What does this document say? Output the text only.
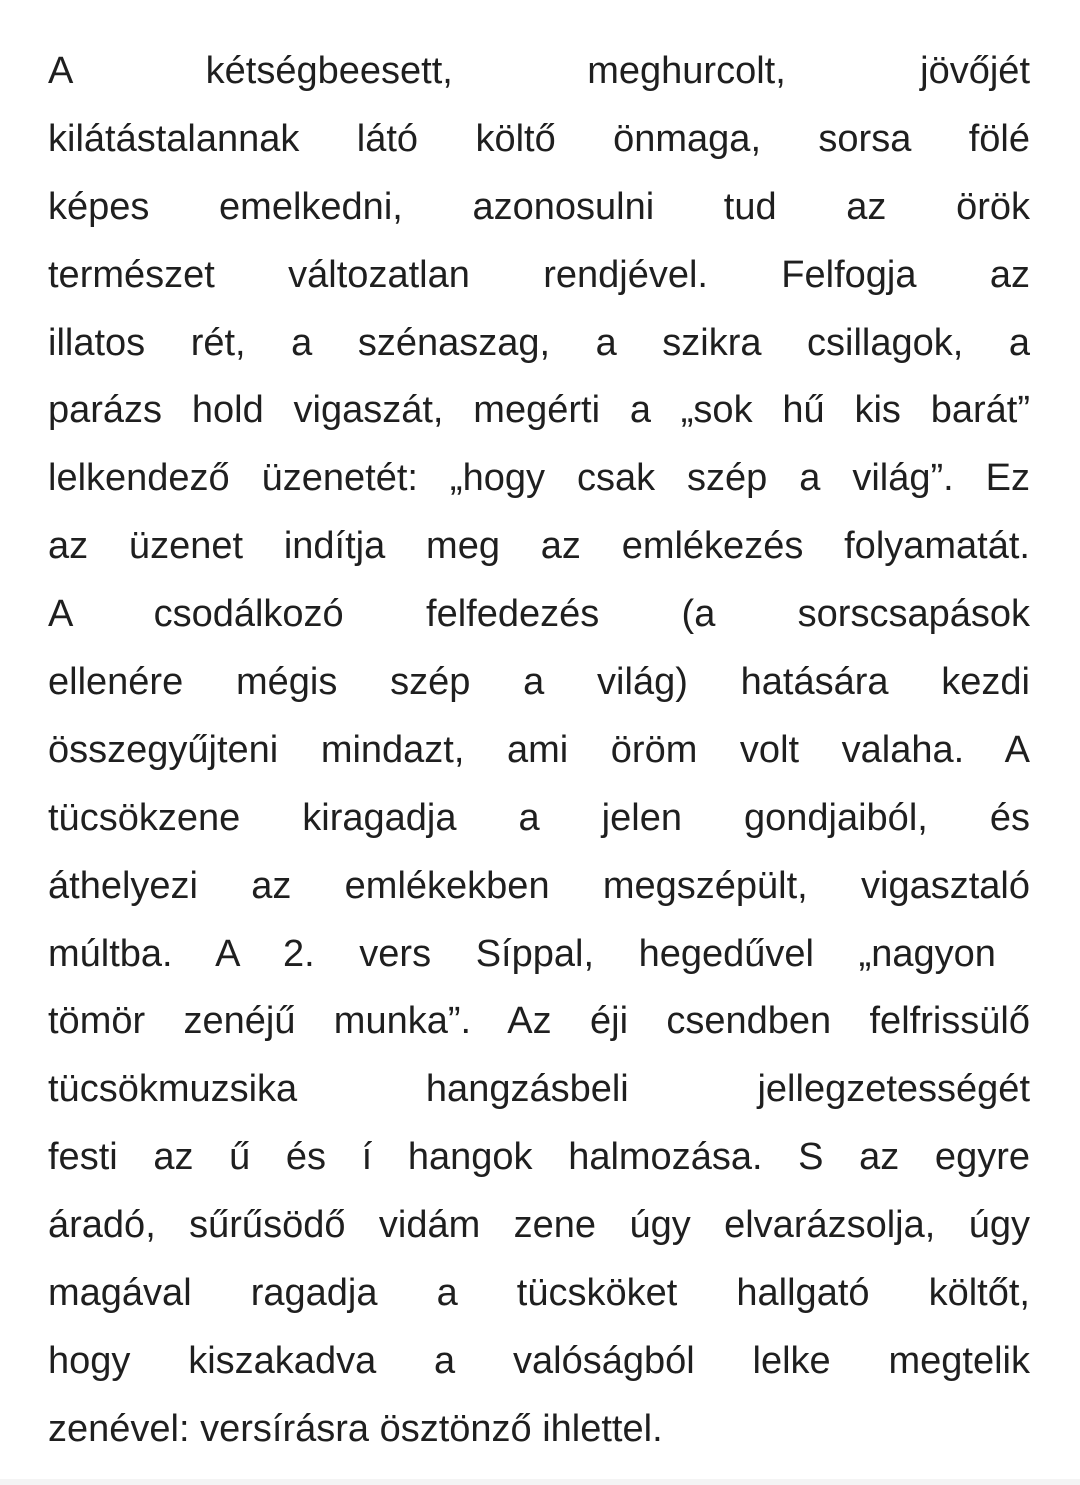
A kétségbeesett, meghurcolt, jövőjét
kilátástalannak látó költő önmaga, sorsa fölé
képes emelkedni, azonosulni tud az örök
természet változatlan rendjével. Felfogja az
illatos rét, a szénaszag, a szikra csillagok, a
parázs hold vigaszát, megérti a „sok hű kis barát”
lelkendező üzenetét: „hogy csak szép a világ”. Ez
az üzenet indítja meg az emlékezés folyamatát.
A csodálkozó felfedezés (a sorscsapások
ellenére mégis szép a világ) hatására kezdi
összegyűjteni mindazt, ami öröm volt valaha. A
tücsökzene kiragadja a jelen gondjaiból, és
áthelyezi az emlékekben megszépült, vigasztaló
múltba. A 2. vers Síppal, hegedűvel „nagyon
tömör zenéjű munka”. Az éji csendben felfrissülő
tücsökmuzsika hangzásbeli jellegzetességét
festi az ű és í hangok halmozása. S az egyre
áradó, sűrűsödő vidám zene úgy elvarázsolja, úgy
magával ragadja a tücsköket hallgató költőt,
hogy kiszakadva a valóságból lelke megtelik
zenével: versírásra ösztönző ihlettel.
